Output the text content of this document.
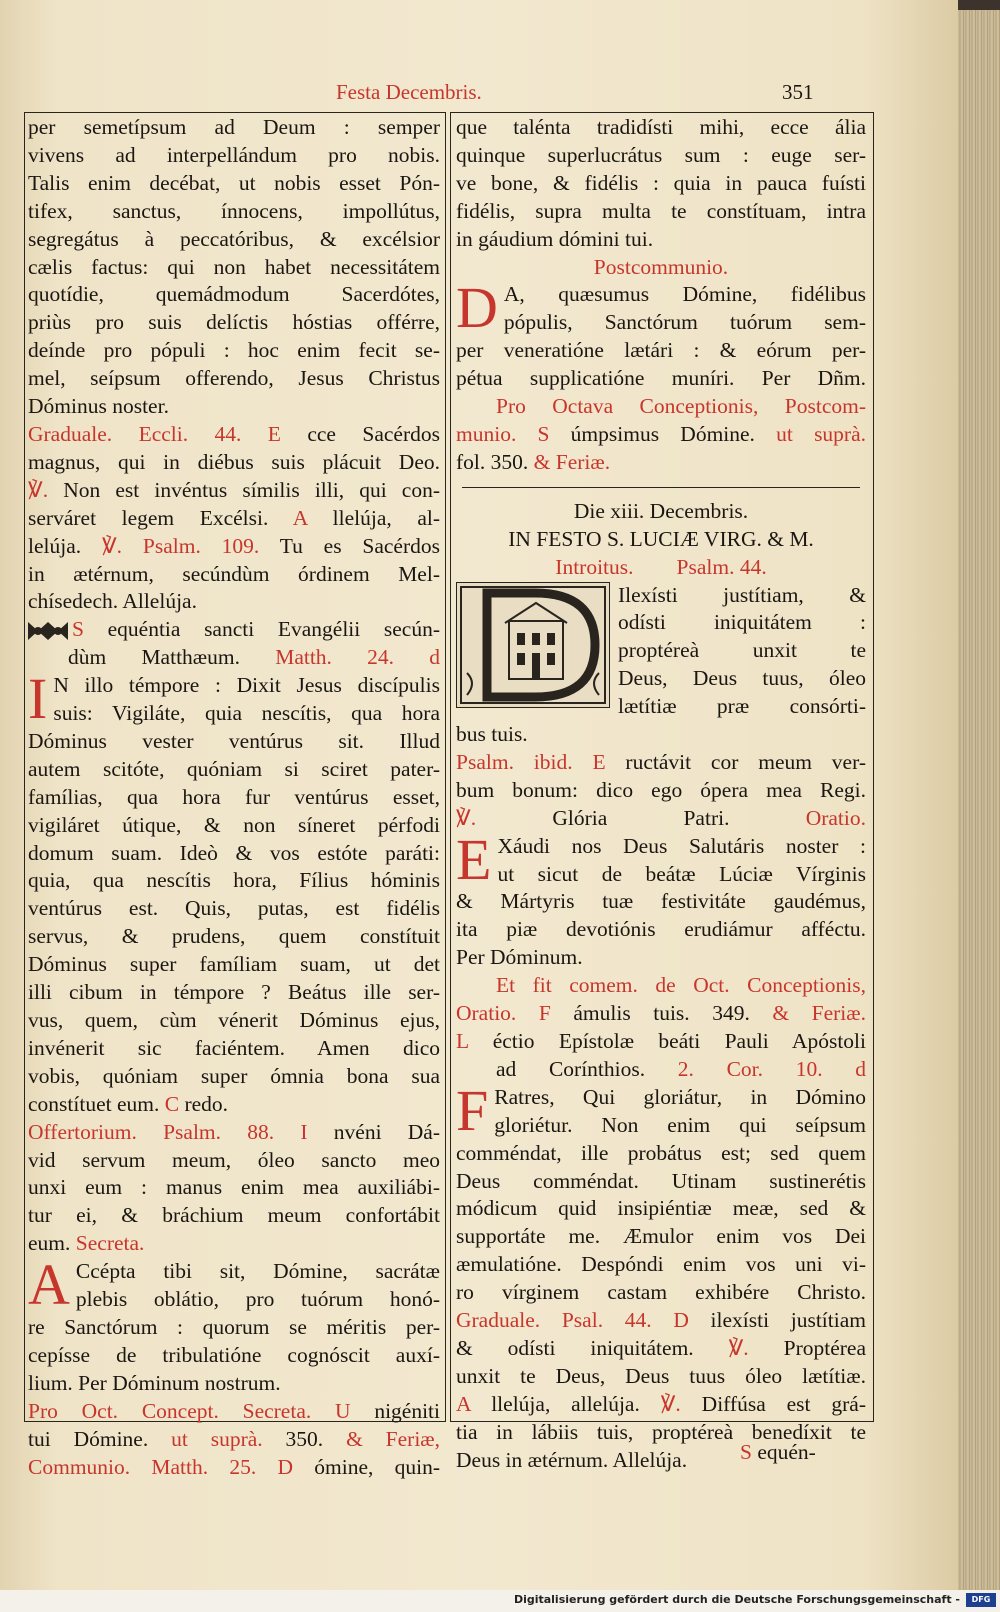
Festa Decembris.	351

per semetípsum ad Deum : semper

vivens ad interpellándum pro nobis.

Talis enim decébat, ut nobis esset Pón-

tifex, sanctus, ínnocens, impollútus,

segregátus à peccatóribus, & excélsior

cælis factus: qui non habet necessitátem

quotídie, quemádmodum Sacerdótes,

priùs pro suis delíctis hóstias offérre,

deínde pro pópuli : hoc enim fecit se-

mel, seípsum offerendo, Jesus Christus

Dóminus noster.

Graduale. Eccli. 44. E cce Sacérdos

magnus, qui in diébus suis plácuit Deo.

℣. Non est invéntus símilis illi, qui con-

serváret legem Excélsi. A llelúja, al-

lelúja. ℣. Psalm. 109. Tu es Sacérdos

in ætérnum, secúndùm órdinem Mel-

chísedech. Allelúja.

S equéntia sancti Evangélii secún-

dùm Matthæum. Matth. 24. d

I N illo témpore : Dixit Jesus discípulis

suis: Vigiláte, quia nescítis, qua hora

Dóminus vester ventúrus sit. Illud

autem scitóte, quóniam si sciret pater-

famílias, qua hora fur ventúrus esset,

vigiláret útique, & non síneret pérfodi

domum suam. Ideò & vos estóte paráti:

quia, qua nescítis hora, Fílius hóminis

ventúrus est. Quis, putas, est fidélis

servus, & prudens, quem constítuit

Dóminus super famíliam suam, ut det

illi cibum in témpore ? Beátus ille ser-

vus, quem, cùm vénerit Dóminus ejus,

invénerit sic faciéntem. Amen dico

vobis, quóniam super ómnia bona sua

constítuet eum. C redo.

Offertorium. Psalm. 88. I nvéni Dá-

vid servum meum, óleo sancto meo

unxi eum : manus enim mea auxiliábi-

tur ei, & bráchium meum confortábit

eum. Secreta.

A Ccépta tibi sit, Dómine, sacrátæ

plebis oblátio, pro tuórum honó-

re Sanctórum : quorum se méritis per-

cepísse de tribulatióne cognóscit auxí-

lium. Per Dóminum nostrum.

Pro Oct. Concept. Secreta. U nigéniti

tui Dómine. ut suprà. 350. & Feriæ,

Communio. Matth. 25. D ómine, quin-

que talénta tradidísti mihi, ecce ália

quinque superlucrátus sum : euge ser-

ve bone, & fidélis : quia in pauca fuísti

fidélis, supra multa te constítuam, intra

in gáudium dómini tui.

Postcommunio.

D A, quæsumus Dómine, fidélibus

pópulis, Sanctórum tuórum sem-

per veneratióne lætári : & eórum per-

pétua supplicatióne muníri. Per Dñm.

Pro Octava Conceptionis, Postcom-

munio. S úmpsimus Dómine. ut suprà.

fol. 350. & Feriæ.

Die xiii. Decembris.

IN FESTO S. LUCIÆ VIRG. & M.

Introitus.        Psalm. 44.

Ilexísti justítiam, &

odísti iniquitátem :

proptéreà unxit te

Deus, Deus tuus, óleo

lætítiæ præ consórti-

bus tuis.

Psalm. ibid. E ructávit cor meum ver-

bum bonum: dico ego ópera mea Regi.

℣. Glória Patri. Oratio.

E Xáudi nos Deus Salutáris noster :

ut sicut de beátæ Lúciæ Vírginis

& Mártyris tuæ festivitáte gaudémus,

ita piæ devotiónis erudiámur afféctu.

Per Dóminum.

Et fit comem. de Oct. Conceptionis,

Oratio. F ámulis tuis. 349. & Feriæ.

L éctio Epístolæ beáti Pauli Apóstoli

ad Corínthios. 2. Cor. 10. d

F Ratres, Qui gloriátur, in Dómino

gloriétur. Non enim qui seípsum

comméndat, ille probátus est; sed quem

Deus comméndat. Utinam sustinerétis

módicum quid insipiéntiæ meæ, sed &

supportáte me. Æmulor enim vos Dei

æmulatióne. Despóndi enim vos uni vi-

ro vírginem castam exhibére Christo.

Graduale. Psal. 44. D ilexísti justítiam

& odísti iniquitátem. ℣. Proptérea

unxit te Deus, Deus tuus óleo lætítiæ.

A llelúja, allelúja. ℣. Diffúsa est grá-

tia in lábiis tuis, proptéreà benedíxit te

Deus in ætérnum. Allelúja.	S equén-
Digitalisierung gefördert durch die Deutsche Forschungsgemeinschaft -	DFG
